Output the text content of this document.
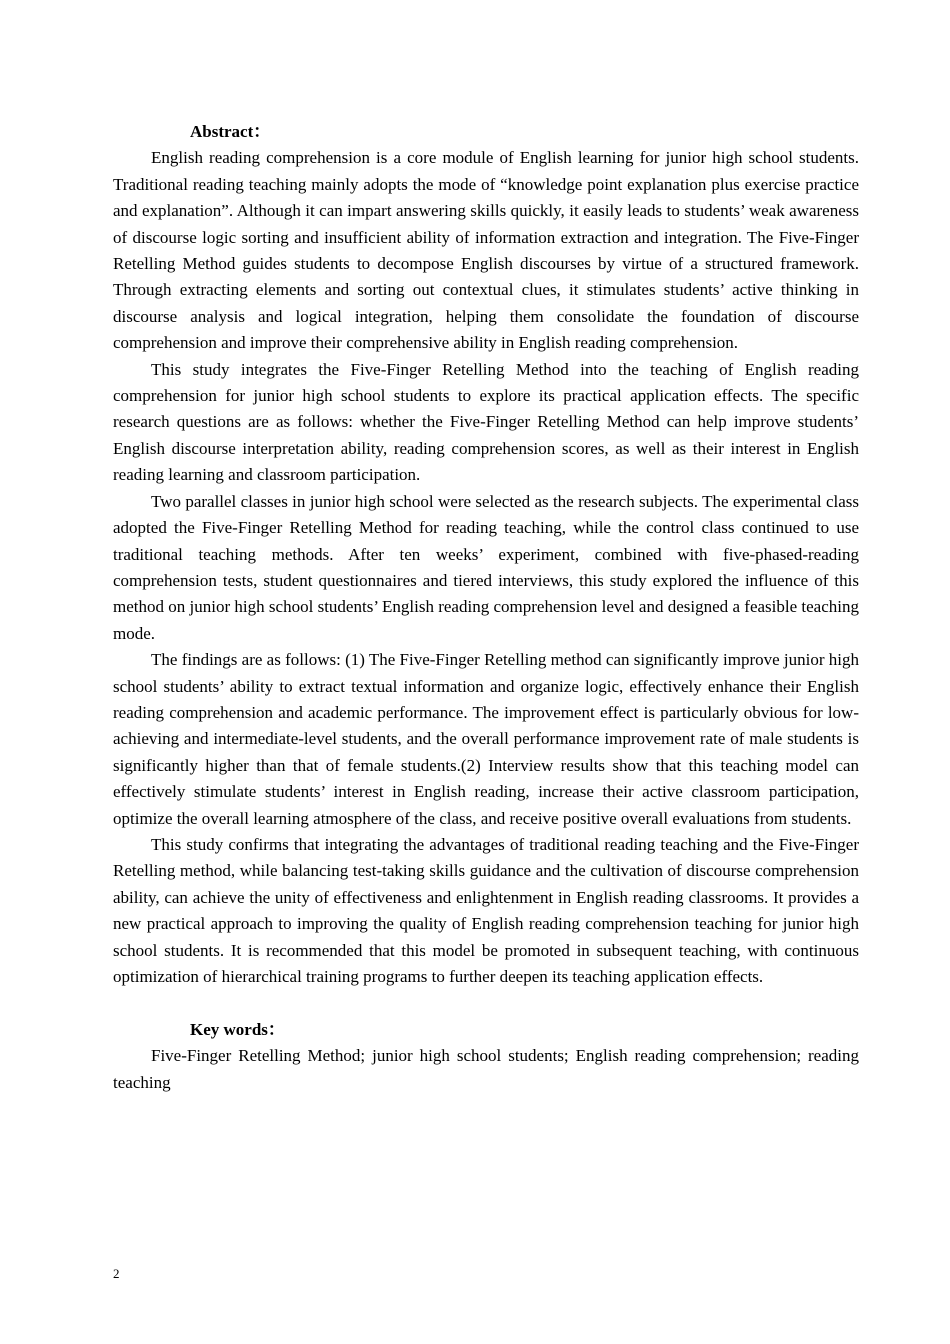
Abstract：

English reading comprehension is a core module of English learning for junior high school students. Traditional reading teaching mainly adopts the mode of “knowledge point explanation plus exercise practice and explanation”. Although it can impart answering skills quickly, it easily leads to students’ weak awareness of discourse logic sorting and insufficient ability of information extraction and integration. The Five-Finger Retelling Method guides students to decompose English discourses by virtue of a structured framework. Through extracting elements and sorting out contextual clues, it stimulates students’ active thinking in discourse analysis and logical integration, helping them consolidate the foundation of discourse comprehension and improve their comprehensive ability in English reading comprehension.

This study integrates the Five-Finger Retelling Method into the teaching of English reading comprehension for junior high school students to explore its practical application effects. The specific research questions are as follows: whether the Five-Finger Retelling Method can help improve students’ English discourse interpretation ability, reading comprehension scores, as well as their interest in English reading learning and classroom participation.

Two parallel classes in junior high school were selected as the research subjects. The experimental class adopted the Five-Finger Retelling Method for reading teaching, while the control class continued to use traditional teaching methods. After ten weeks’ experiment, combined with five-phased-reading comprehension tests, student questionnaires and tiered interviews, this study explored the influence of this method on junior high school students’ English reading comprehension level and designed a feasible teaching mode.

The findings are as follows: (1) The Five-Finger Retelling method can significantly improve junior high school students’ ability to extract textual information and organize logic, effectively enhance their English reading comprehension and academic performance. The improvement effect is particularly obvious for low-achieving and intermediate-level students, and the overall performance improvement rate of male students is significantly higher than that of female students.(2) Interview results show that this teaching model can effectively stimulate students’ interest in English reading, increase their active classroom participation, optimize the overall learning atmosphere of the class, and receive positive overall evaluations from students.

This study confirms that integrating the advantages of traditional reading teaching and the Five-Finger Retelling method, while balancing test-taking skills guidance and the cultivation of discourse comprehension ability, can achieve the unity of effectiveness and enlightenment in English reading classrooms. It provides a new practical approach to improving the quality of English reading comprehension teaching for junior high school students. It is recommended that this model be promoted in subsequent teaching, with continuous optimization of hierarchical training programs to further deepen its teaching application effects.

Key words：

Five-Finger Retelling Method; junior high school students; English reading comprehension; reading teaching

2
